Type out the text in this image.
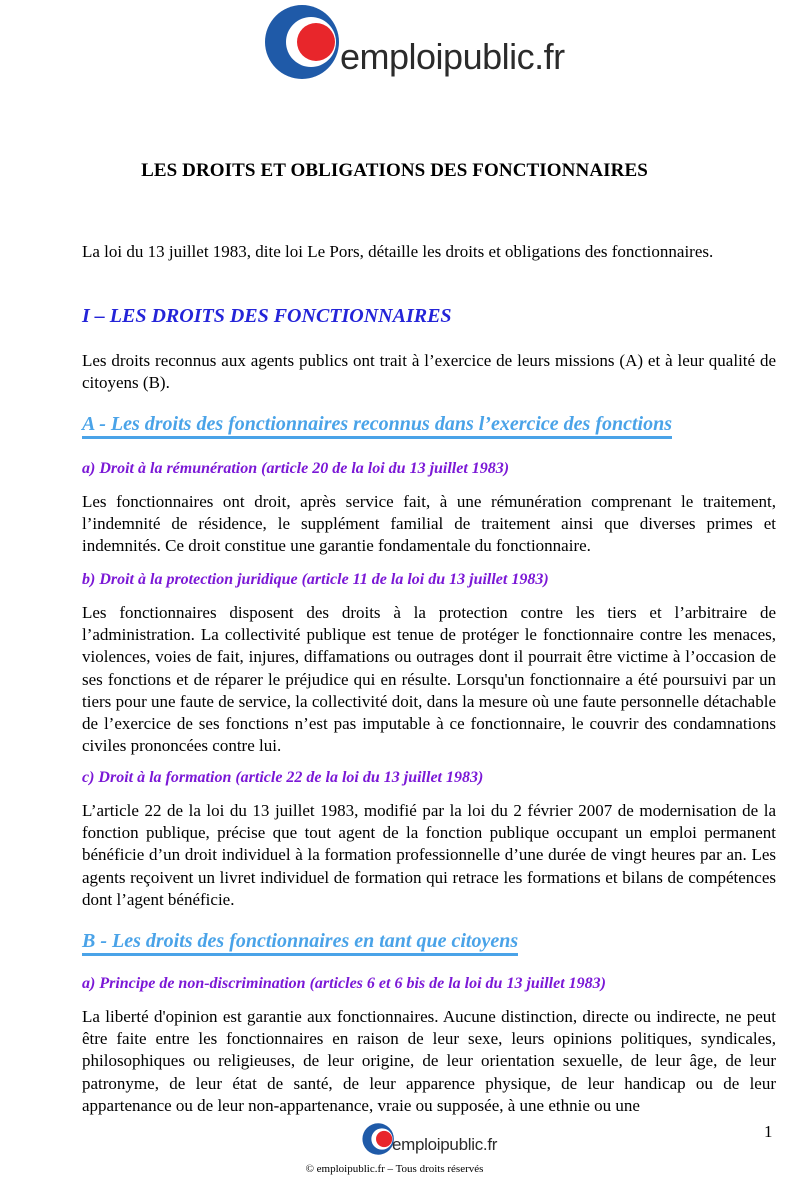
emploipublic.fr
LES DROITS ET OBLIGATIONS DES FONCTIONNAIRES

La loi du 13 juillet 1983, dite loi Le Pors, détaille les droits et obligations des fonctionnaires.

I – LES DROITS DES FONCTIONNAIRES

Les droits reconnus aux agents publics ont trait à l’exercice de leurs missions (A) et à leur qualité de citoyens (B).

A - Les droits des fonctionnaires reconnus dans l’exercice des fonctions
a) Droit à la rémunération (article 20 de la loi du 13 juillet 1983)

Les fonctionnaires ont droit, après service fait, à une rémunération comprenant le traitement, l’indemnité de résidence, le supplément familial de traitement ainsi que diverses primes et indemnités. Ce droit constitue une garantie fondamentale du fonctionnaire.

b) Droit à la protection juridique (article 11 de la loi du 13 juillet 1983)

Les fonctionnaires disposent des droits à la protection contre les tiers et l’arbitraire de l’administration. La collectivité publique est tenue de protéger le fonctionnaire contre les menaces, violences, voies de fait, injures, diffamations ou outrages dont il pourrait être victime à l’occasion de ses fonctions et de réparer le préjudice qui en résulte. Lorsqu'un fonctionnaire a été poursuivi par un tiers pour une faute de service, la collectivité doit, dans la mesure où une faute personnelle détachable de l’exercice de ses fonctions n’est pas imputable à ce fonctionnaire, le couvrir des condamnations civiles prononcées contre lui.

c) Droit à la formation (article 22 de la loi du 13 juillet 1983)

L’article 22 de la loi du 13 juillet 1983, modifié par la loi du 2 février 2007 de modernisation de la fonction publique, précise que tout agent de la fonction publique occupant un emploi permanent bénéficie d’un droit individuel à la formation professionnelle d’une durée de vingt heures par an. Les agents reçoivent un livret individuel de formation qui retrace les formations et bilans de compétences dont l’agent bénéficie.

B - Les droits des fonctionnaires en tant que citoyens
a) Principe de non-discrimination (articles 6 et 6 bis de la loi du 13 juillet 1983)

La liberté d'opinion est garantie aux fonctionnaires. Aucune distinction, directe ou indirecte, ne peut être faite entre les fonctionnaires en raison de leur sexe, leurs opinions politiques, syndicales, philosophiques ou religieuses, de leur origine, de leur orientation sexuelle, de leur âge, de leur patronyme, de leur état de santé, de leur apparence physique, de leur handicap ou de leur appartenance ou de leur non-appartenance, vraie ou supposée, à une ethnie ou une

1
emploipublic.fr
© emploipublic.fr – Tous droits réservés
